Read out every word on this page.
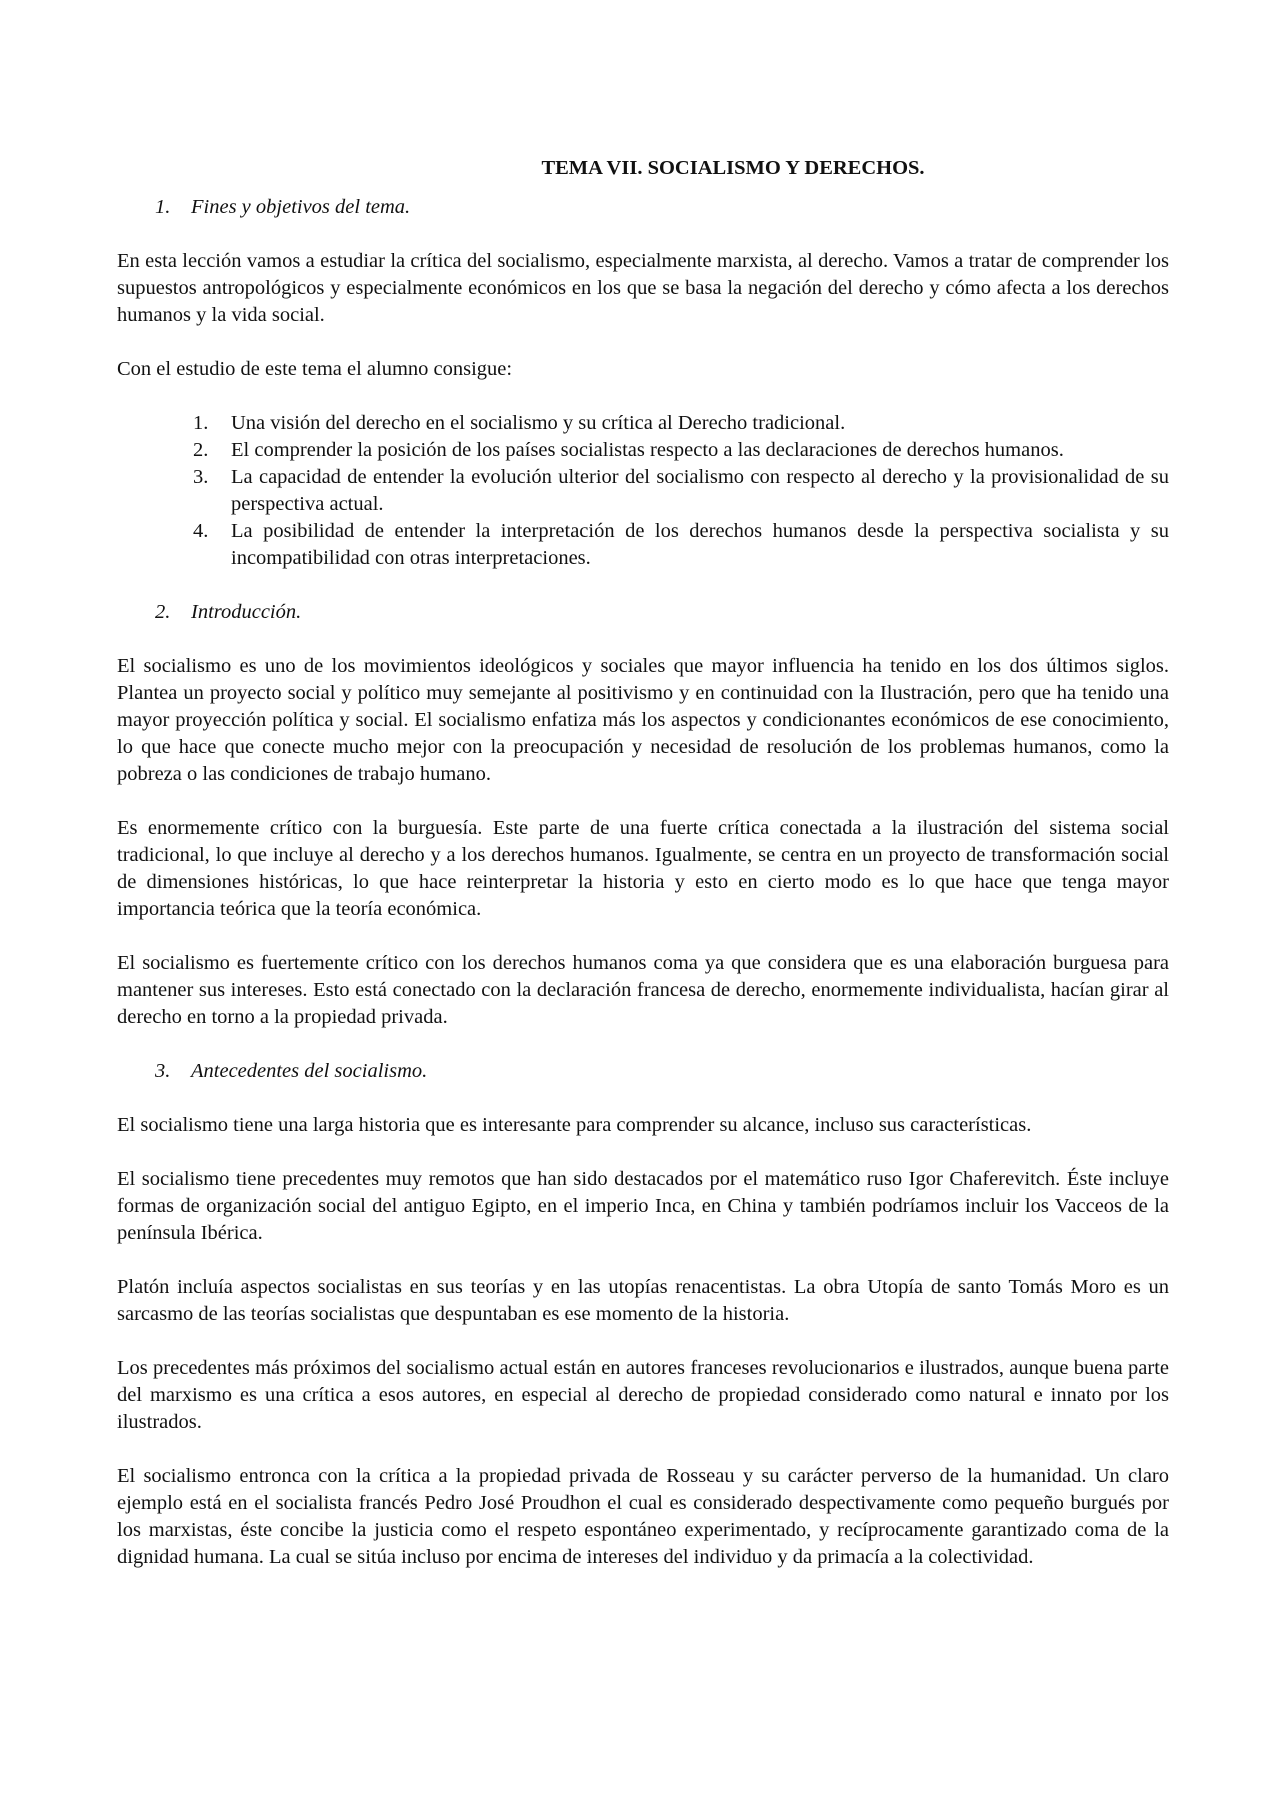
TEMA VII. SOCIALISMO Y DERECHOS.
1.	Fines y objetivos del tema.

En esta lección vamos a estudiar la crítica del socialismo, especialmente marxista, al derecho. Vamos a tratar de comprender los supuestos antropológicos y especialmente económicos en los que se basa la negación del derecho y cómo afecta a los derechos humanos y la vida social.

Con el estudio de este tema el alumno consigue:

1.	Una visión del derecho en el socialismo y su crítica al Derecho tradicional.
2.	El comprender la posición de los países socialistas respecto a las declaraciones de derechos humanos.
3.	La capacidad de entender la evolución ulterior del socialismo con respecto al derecho y la provisionalidad de su perspectiva actual.
4.	La posibilidad de entender la interpretación de los derechos humanos desde la perspectiva socialista y su incompatibilidad con otras interpretaciones.
2.	Introducción.

El socialismo es uno de los movimientos ideológicos y sociales que mayor influencia ha tenido en los dos últimos siglos. Plantea un proyecto social y político muy semejante al positivismo y en continuidad con la Ilustración, pero que ha tenido una mayor proyección política y social. El socialismo enfatiza más los aspectos y condicionantes económicos de ese conocimiento, lo que hace que conecte mucho mejor con la preocupación y necesidad de resolución de los problemas humanos, como la pobreza o las condiciones de trabajo humano.

Es enormemente crítico con la burguesía. Este parte de una fuerte crítica conectada a la ilustración del sistema social tradicional, lo que incluye al derecho y a los derechos humanos. Igualmente, se centra en un proyecto de transformación social de dimensiones históricas, lo que hace reinterpretar la historia y esto en cierto modo es lo que hace que tenga mayor importancia teórica que la teoría económica.

El socialismo es fuertemente crítico con los derechos humanos coma ya que considera que es una elaboración burguesa para mantener sus intereses. Esto está conectado con la declaración francesa de derecho, enormemente individualista, hacían girar al derecho en torno a la propiedad privada.

3.	Antecedentes del socialismo.

El socialismo tiene una larga historia que es interesante para comprender su alcance, incluso sus características.

El socialismo tiene precedentes muy remotos que han sido destacados por el matemático ruso Igor Chaferevitch. Éste incluye formas de organización social del antiguo Egipto, en el imperio Inca, en China y también podríamos incluir los Vacceos de la península Ibérica.

Platón incluía aspectos socialistas en sus teorías y en las utopías renacentistas. La obra Utopía de santo Tomás Moro es un sarcasmo de las teorías socialistas que despuntaban es ese momento de la historia.

Los precedentes más próximos del socialismo actual están en autores franceses revolucionarios e ilustrados, aunque buena parte del marxismo es una crítica a esos autores, en especial al derecho de propiedad considerado como natural e innato por los ilustrados.

El socialismo entronca con la crítica a la propiedad privada de Rosseau y su carácter perverso de la humanidad. Un claro ejemplo está en el socialista francés Pedro José Proudhon el cual es considerado despectivamente como pequeño burgués por los marxistas, éste concibe la justicia como el respeto espontáneo experimentado, y recíprocamente garantizado coma de la dignidad humana. La cual se sitúa incluso por encima de intereses del individuo y da primacía a la colectividad.
